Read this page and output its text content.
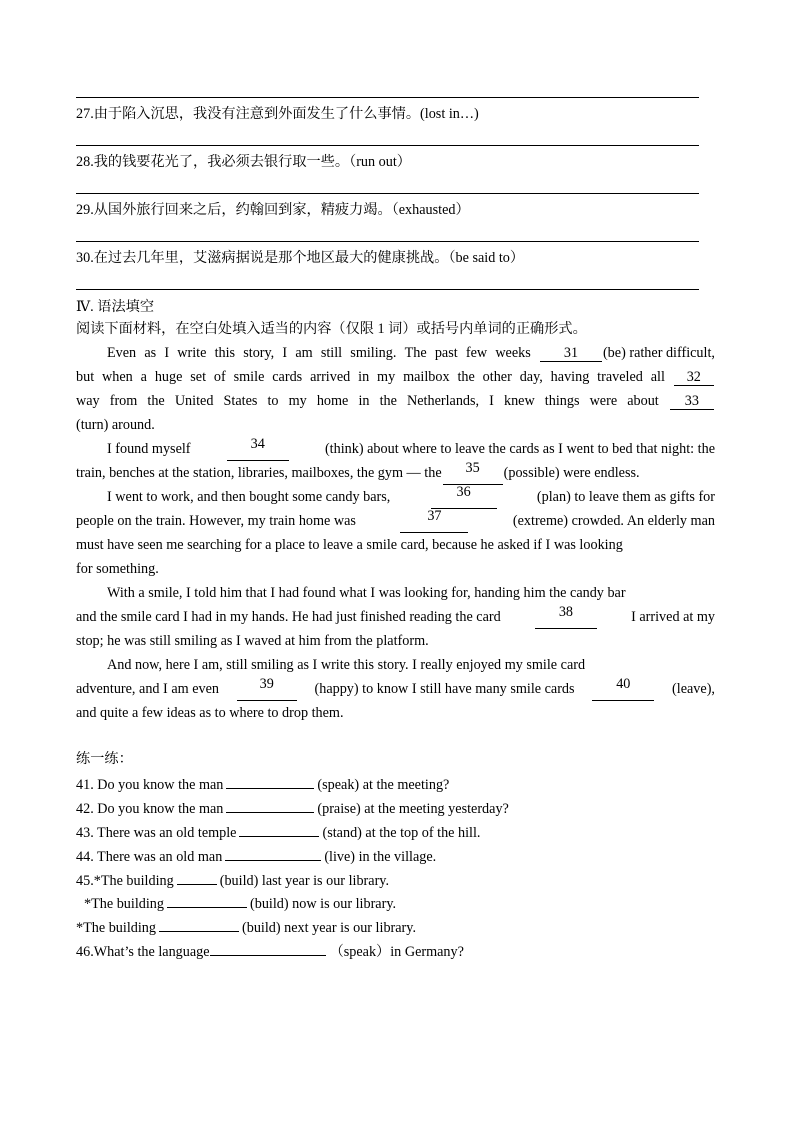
27.由于陷入沉思，我没有注意到外面发生了什么事情。(lost in…)
28.我的钱要花光了，我必须去银行取一些。（run out）
29.从国外旅行回来之后，约翰回到家，精疲力竭。（exhausted）
30.在过去几年里，艾滋病据说是那个地区最大的健康挑战。（be said to）
Ⅳ. 语法填空
阅读下面材料，在空白处填入适当的内容（仅限 1 词）或括号内单词的正确形式。
Even as I write this story, I am still smiling. The past few weeks	31 (be) rather difficult,
but when a huge set of smile cards arrived in my mailbox the other day, having traveled all	32
way from the United States to my home in the Netherlands, I knew things were about	33
(turn) around.
I found myself	34	(think) about where to leave the cards as I went to bed that night: the
train, benches at the station, libraries, mailboxes, the gym — the	35	(possible) were endless.
I went to work, and then bought some candy bars,	36	(plan) to leave them as gifts for
people on the train. However, my train home was	37	(extreme) crowded. An elderly man
must have seen me searching for a place to leave a smile card, because he asked if I was looking
for something.
With a smile, I told him that I had found what I was looking for, handing him the candy bar
and the smile card I had in my hands. He had just finished reading the card	38	I arrived at my
stop; he was still smiling as I waved at him from the platform.
And now, here I am, still smiling as I write this story. I really enjoyed my smile card
adventure, and I am even	39	(happy) to know I still have many smile cards	40	(leave),
and quite a few ideas as to where to drop them.
练一练：
41. Do you know the man	(speak) at the meeting?
42. Do you know the man	(praise) at the meeting yesterday?
43. There was an old temple	(stand) at the top of the hill.
44. There was an old man	(live) in the village.
45.*The building	(build) last year is our library.
*The building	(build) now is our library.
*The building	(build) next year is our library.
46.What’s the language	（speak）in Germany?
